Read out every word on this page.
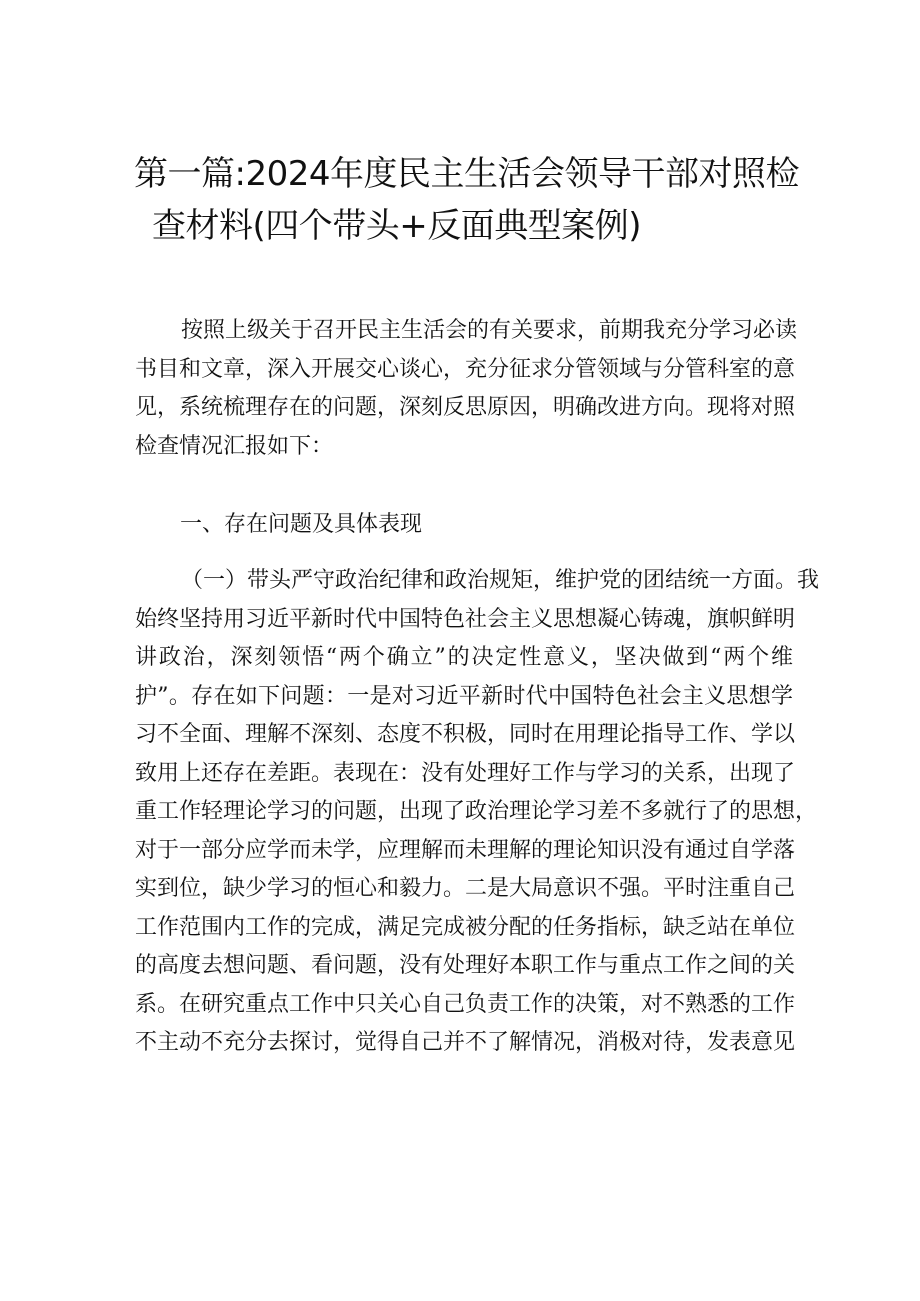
第一篇:2024年度民主生活会领导干部对照检
查材料(四个带头+反面典型案例)
按照上级关于召开民主生活会的有关要求，前期我充分学习必读
书目和文章，深入开展交心谈心，充分征求分管领域与分管科室的意
见，系统梳理存在的问题，深刻反思原因，明确改进方向。现将对照
检查情况汇报如下：
一、存在问题及具体表现
（一）带头严守政治纪律和政治规矩，维护党的团结统一方面。我
始终坚持用习近平新时代中国特色社会主义思想凝心铸魂，旗帜鲜明
讲政治，深刻领悟“两个确立”的决定性意义，坚决做到“两个维
护”。存在如下问题：一是对习近平新时代中国特色社会主义思想学
习不全面、理解不深刻、态度不积极，同时在用理论指导工作、学以
致用上还存在差距。表现在：没有处理好工作与学习的关系，出现了
重工作轻理论学习的问题，出现了政治理论学习差不多就行了的思想，
对于一部分应学而未学，应理解而未理解的理论知识没有通过自学落
实到位，缺少学习的恒心和毅力。二是大局意识不强。平时注重自己
工作范围内工作的完成，满足完成被分配的任务指标，缺乏站在单位
的高度去想问题、看问题，没有处理好本职工作与重点工作之间的关
系。在研究重点工作中只关心自己负责工作的决策，对不熟悉的工作
不主动不充分去探讨，觉得自己并不了解情况，消极对待，发表意见
